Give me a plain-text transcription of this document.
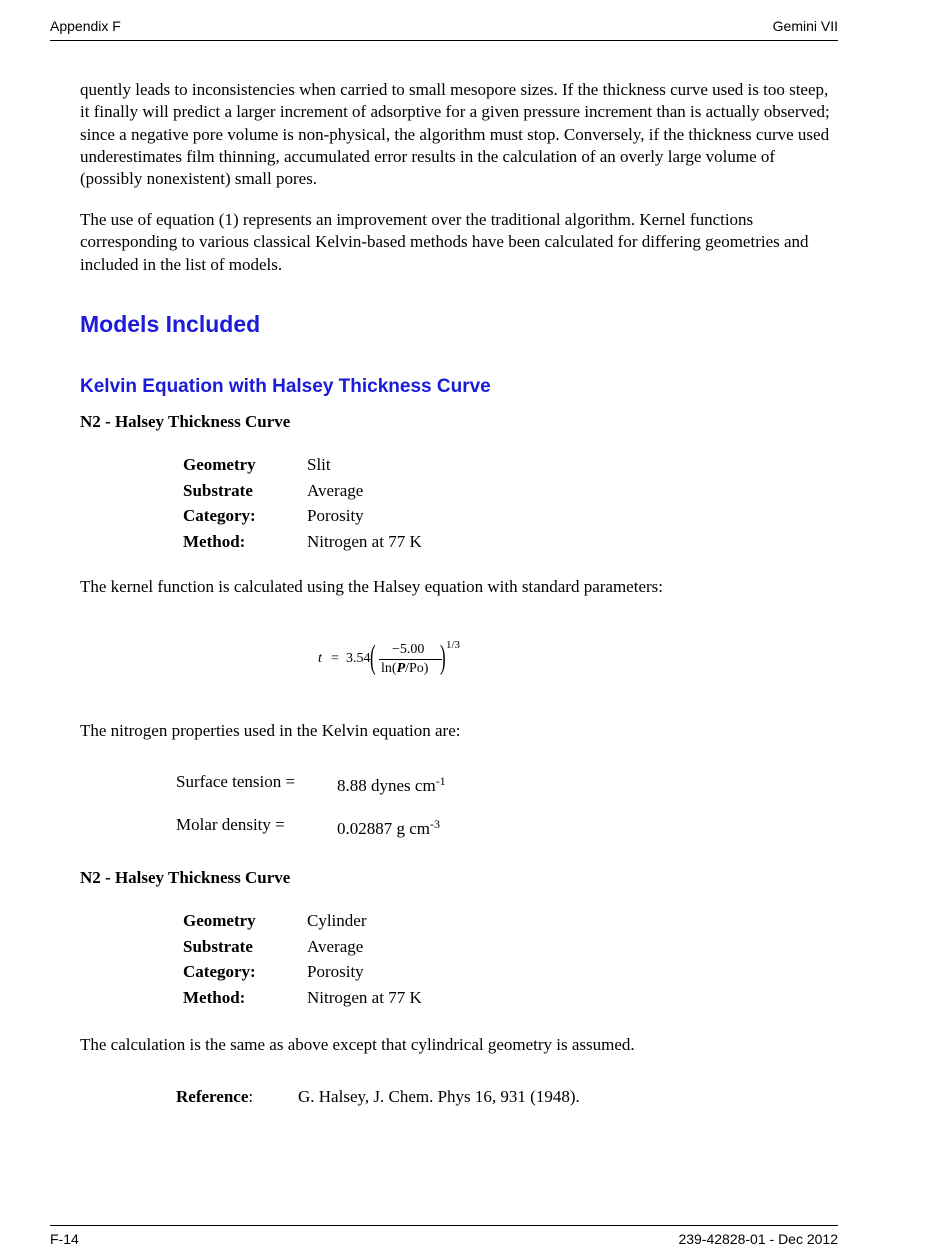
Appendix F	Gemini VII

quently leads to inconsistencies when carried to small mesopore sizes. If the thickness curve used is too steep, it finally will predict a larger increment of adsorptive for a given pressure increment than is actually observed; since a negative pore volume is non-physical, the algorithm must stop. Conversely, if the thickness curve used underestimates film thinning, accumulated error results in the calculation of an overly large volume of (possibly nonexistent) small pores.

The use of equation (1) represents an improvement over the traditional algorithm. Kernel functions corresponding to various classical Kelvin-based methods have been calculated for differing geometries and included in the list of models.

Models Included
Kelvin Equation with Halsey Thickness Curve
N2 - Halsey Thickness Curve
Geometry	Slit
Substrate	Average
Category:	Porosity
Method:	Nitrogen at 77 K

The kernel function is calculated using the Halsey equation with standard parameters:

t = 3.54 ( −5.00
ln(P/Po) ) 1/3

The nitrogen properties used in the Kelvin equation are:

Surface tension = 8.88 dynes $cm^{-1}$
Molar density =	0.02887 g $cm^{-3}$
N2 - Halsey Thickness Curve
Geometry	Cylinder
Substrate	Average
Category:	Porosity
Method:	Nitrogen at 77 K

The calculation is the same as above except that cylindrical geometry is assumed.

Reference:	G. Halsey, J. Chem. Phys 16, 931 (1948).
F-14	239-42828-01 - Dec 2012
